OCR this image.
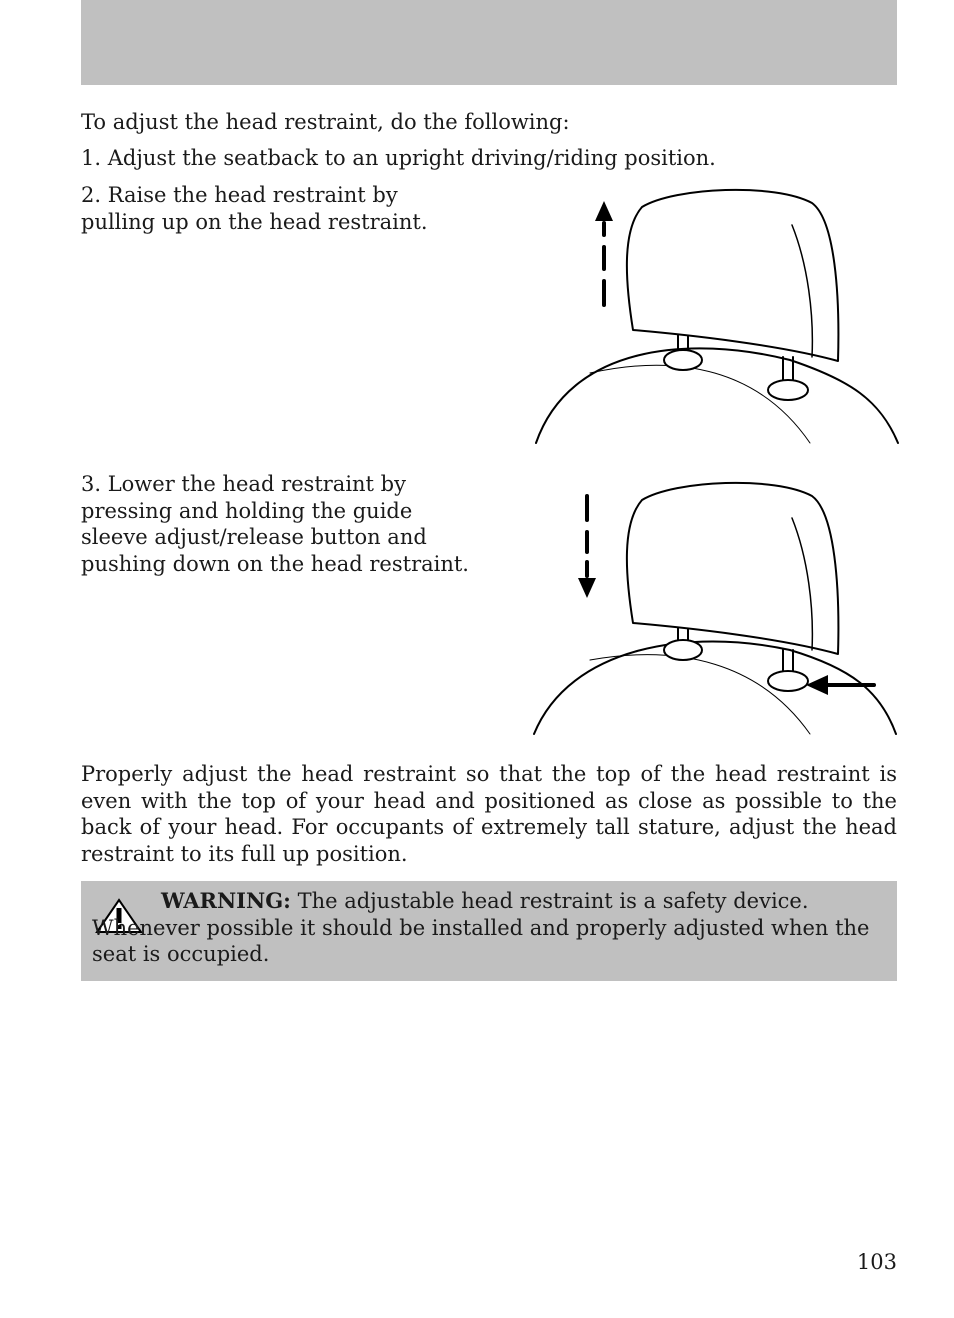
To adjust the head restraint, do the following:

1. Adjust the seatback to an upright driving/riding position.

2. Raise the head restraint by
pulling up on the head restraint.

3. Lower the head restraint by
pressing and holding the guide
sleeve adjust/release button and
pushing down on the head restraint.

Properly adjust the head restraint so that the top of the head restraint is even with the top of your head and positioned as close as possible to the back of your head. For occupants of extremely tall stature, adjust the head restraint to its full up position.

WARNING: The adjustable head restraint is a safety device. Whenever possible it should be installed and properly adjusted when the seat is occupied.

103
